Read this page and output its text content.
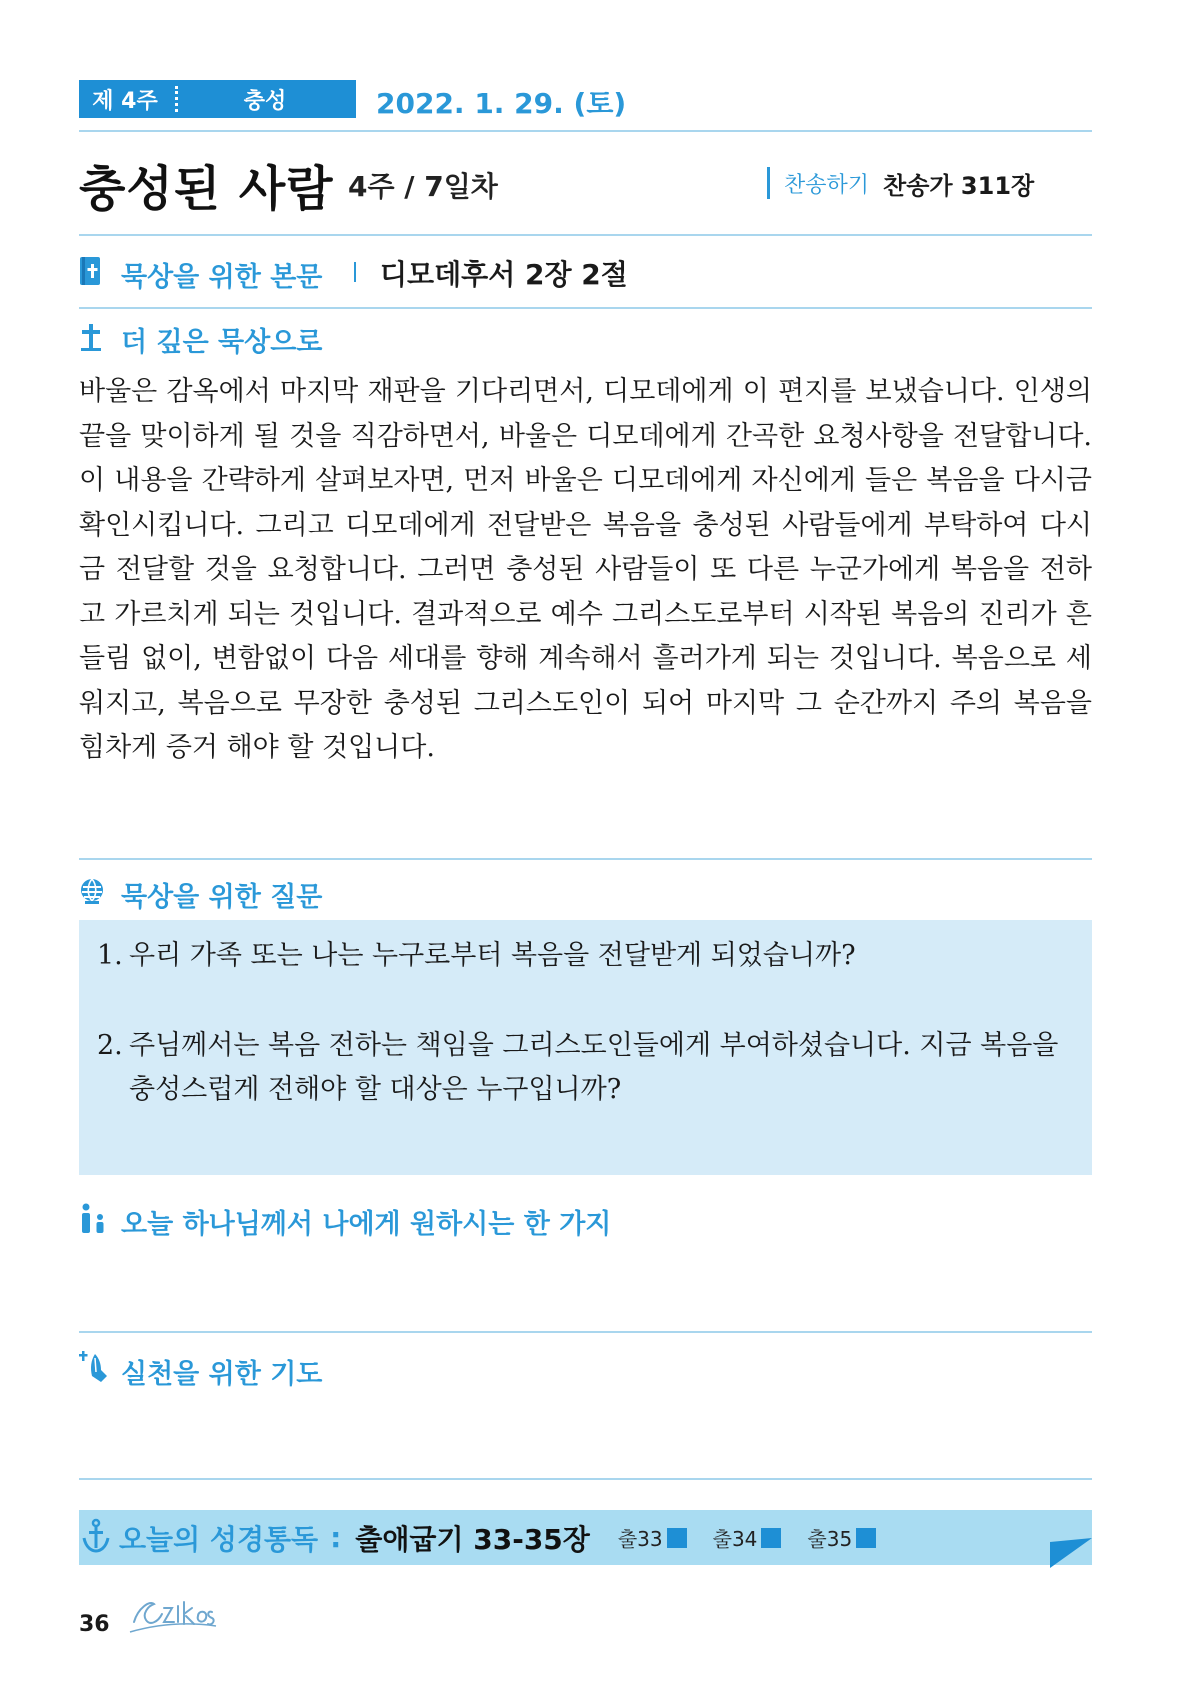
제 4주	충성	2022. 1. 29. (토)
충성된 사람 4주 / 7일차	찬송하기 찬송가 311장
묵상을 위한 본문 디모데후서 2장 2절
더 깊은 묵상으로

바울은 감옥에서 마지막 재판을 기다리면서, 디모데에게 이 편지를 보냈습니다. 인생의 끝을 맞이하게 될 것을 직감하면서, 바울은 디모데에게 간곡한 요청사항을 전달합니다. 이 내용을 간략하게 살펴보자면, 먼저 바울은 디모데에게 자신에게 들은 복음을 다시금 확인시킵니다. 그리고 디모데에게 전달받은 복음을 충성된 사람들에게 부탁하여 다시금 전달할 것을 요청합니다. 그러면 충성된 사람들이 또 다른 누군가에게 복음을 전하고 가르치게 되는 것입니다. 결과적으로 예수 그리스도로부터 시작된 복음의 진리가 흔들림 없이, 변함없이 다음 세대를 향해 계속해서 흘러가게 되는 것입니다. 복음으로 세워지고, 복음으로 무장한 충성된 그리스도인이 되어 마지막 그 순간까지 주의 복음을 힘차게 증거 해야 할 것입니다.

묵상을 위한 질문
1. 우리 가족 또는 나는 누구로부터 복음을 전달받게 되었습니까?
2. 주님께서는 복음 전하는 책임을 그리스도인들에게 부여하셨습니다. 지금 복음을 충성스럽게 전해야 할 대상은 누구입니까?
오늘 하나님께서 나에게 원하시는 한 가지
실천을 위한 기도
오늘의 성경통독 : 출애굽기 33-35장 출33	출34	출35
36
